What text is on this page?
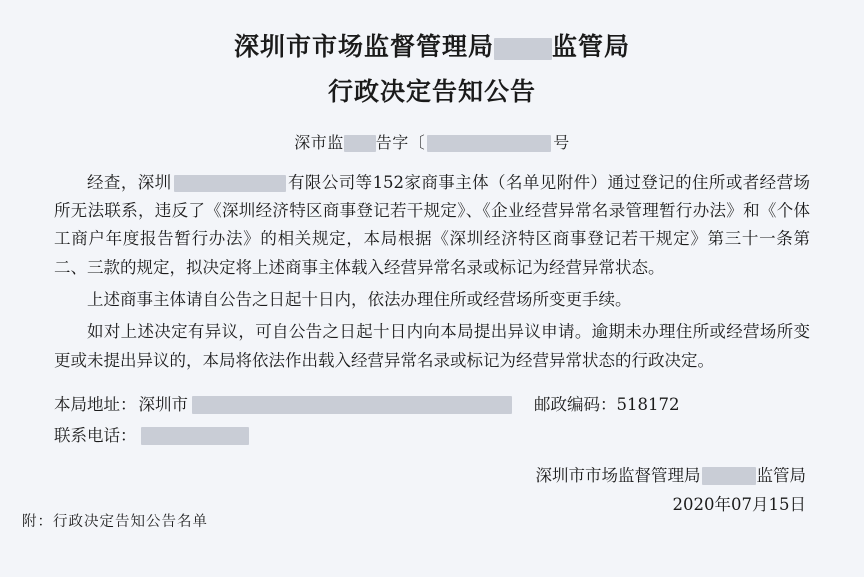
深圳市市场监督管理局 监管局
行政决定告知公告
深市监 告字〔	号

经查，深圳	有限公司等152家商事主体（名单见附件）通过登记的住所或者经营场所无法联系，违反了《深圳经济特区商事登记若干规定》、《企业经营异常名录管理暂行办法》和《个体工商户年度报告暂行办法》的相关规定，本局根据《深圳经济特区商事登记若干规定》第三十一条第二、三款的规定，拟决定将上述商事主体载入经营异常名录或标记为经营异常状态。

上述商事主体请自公告之日起十日内，依法办理住所或经营场所变更手续。

如对上述决定有异议，可自公告之日起十日内向本局提出异议申请。逾期未办理住所或经营场所变更或未提出异议的，本局将依法作出载入经营异常名录或标记为经营异常状态的行政决定。

本局地址： 深圳市	邮政编码： 518172
联系电话：
深圳市市场监督管理局	监管局
2020年07月15日
附：行政决定告知公告名单
